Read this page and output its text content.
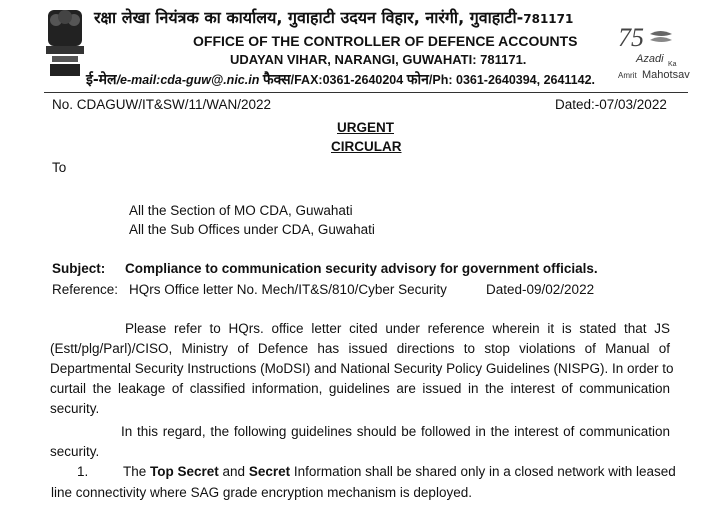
रक्षा लेखा नियंत्रक का कार्यालय, गुवाहाटी उदयन विहार, नारंगी, गुवाहाटी-781171
OFFICE OF THE CONTROLLER OF DEFENCE ACCOUNTS
UDAYAN VIHAR, NARANGI, GUWAHATI: 781171.
ई-मेल/e-mail:cda-guw@.nic.in फैक्स/FAX:0361-2640204 फोन/Ph: 0361-2640394, 2641142.
75
Azadi Ka
Amrit Mahotsav
No. CDAGUW/IT&SW/11/WAN/2022	Dated:-07/03/2022
URGENT
CIRCULAR
To
All the Section of MO CDA, Guwahati
All the Sub Offices under CDA, Guwahati
Subject: Compliance to communication security advisory for government officials.
Reference: HQrs Office letter No. Mech/IT&S/810/Cyber Security	Dated-09/02/2022
Please refer to HQrs. office letter cited under reference wherein it is stated that JS
(Estt/plg/Parl)/CISO, Ministry of Defence has issued directions to stop violations of Manual of
Departmental Security Instructions (MoDSI) and National Security Policy Guidelines (NISPG). In order to
curtail the leakage of classified information, guidelines are issued in the interest of communication
security.
In this regard, the following guidelines should be followed in the interest of communication
security.
1.	The Top Secret and Secret Information shall be shared only in a closed network with leased
line connectivity where SAG grade encryption mechanism is deployed.
